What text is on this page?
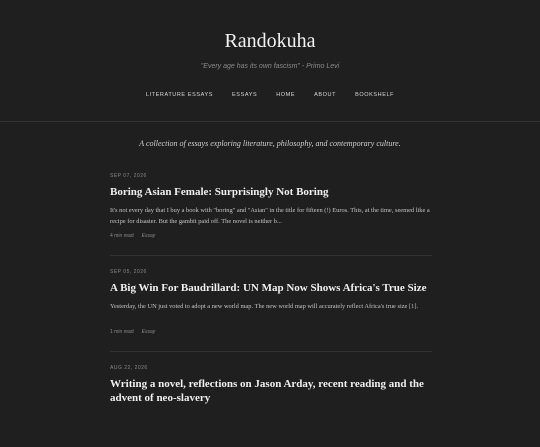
Randokuha
"Every age has its own fascism" - Primo Levi
LITERATURE ESSAYS	ESSAYS	HOME	ABOUT	BOOKSHELF
A collection of essays exploring literature, philosophy, and contemporary culture.
SEP 07, 2026
Boring Asian Female: Surprisingly Not Boring
It's not every day that I buy a book with "boring" and "Asian" in the title for fifteen (!) Euros. This, at the time, seemed like a recipe for disaster. But the gambit paid off. The novel is neither b...
4 min read Essay
SEP 05, 2026
A Big Win For Baudrillard: UN Map Now Shows Africa's True Size
Yesterday, the UN just voted to adopt a new world map. The new world map will accurately reflect Africa's true size [1].
1 min read Essay
AUG 22, 2026
Writing a novel, reflections on Jason Arday, recent reading and the advent of neo-slavery
